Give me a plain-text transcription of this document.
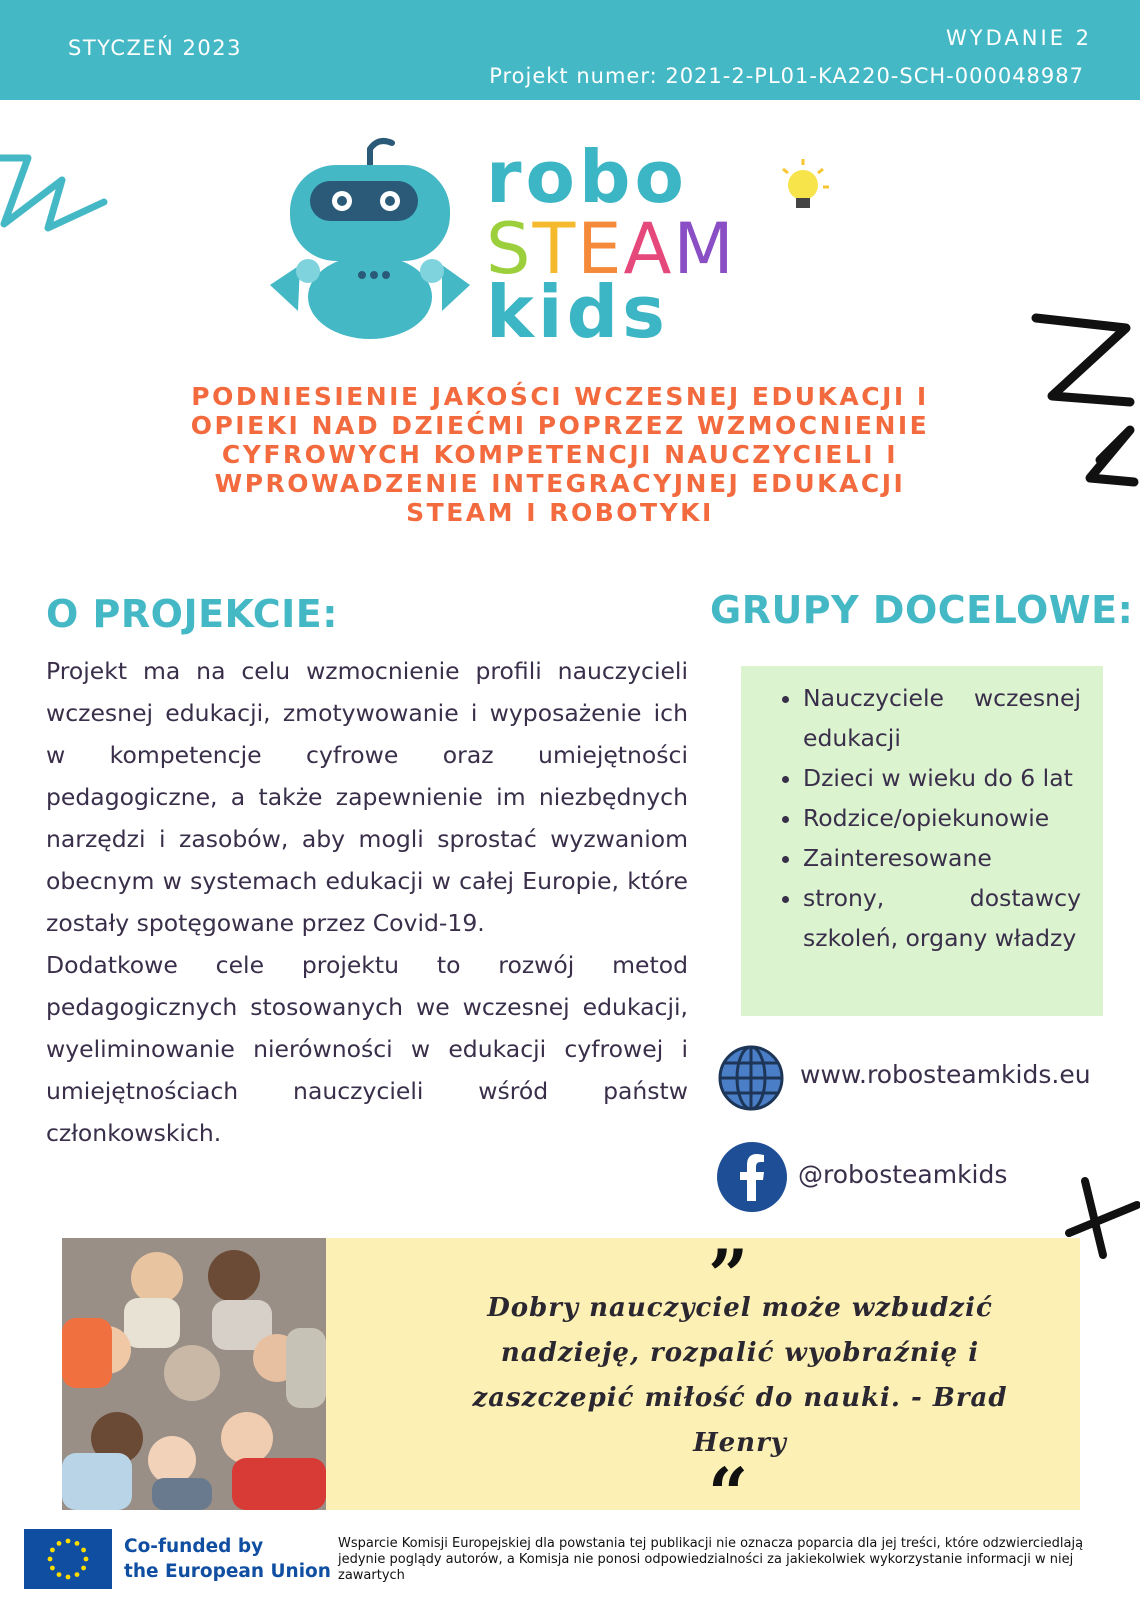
STYCZEŃ 2023	WYDANIE 2
Projekt numer: 2021-2-PL01-KA220-SCH-000048987
robo
STEAM
kids
PODNIESIENIE JAKOŚCI WCZESNEJ EDUKACJI I OPIEKI NAD DZIEĆMI POPRZEZ WZMOCNIENIE CYFROWYCH KOMPETENCJI NAUCZYCIELI I WPROWADZENIE INTEGRACYJNEJ EDUKACJI STEAM I ROBOTYKI
O PROJEKCIE:

Projekt ma na celu wzmocnienie profili nauczycieli wczesnej edukacji, zmotywowanie i wyposażenie ich w kompetencje cyfrowe oraz umiejętności pedagogiczne, a także zapewnienie im niezbędnych narzędzi i zasobów, aby mogli sprostać wyzwaniom obecnym w systemach edukacji w całej Europie, które zostały spotęgowane przez Covid-19.

Dodatkowe cele projektu to rozwój metod pedagogicznych stosowanych we wczesnej edukacji, wyeliminowanie nierówności w edukacji cyfrowej i umiejętnościach nauczycieli wśród państw członkowskich.

GRUPY DOCELOWE:
• Nauczyciele wczesnej edukacji
• Dzieci w wieku do 6 lat
• Rodzice/opiekunowie
• Zainteresowane
• strony, dostawcy szkoleń, organy władzy
www.robosteamkids.eu
@robosteamkids
”
Dobry nauczyciel może wzbudzić nadzieję, rozpalić wyobraźnię i zaszczepić miłość do nauki. - Brad Henry
“
Co-funded by
the European Union
Wsparcie Komisji Europejskiej dla powstania tej publikacji nie oznacza poparcia dla jej treści, które odzwierciedlają jedynie poglądy autorów, a Komisja nie ponosi odpowiedzialności za jakiekolwiek wykorzystanie informacji w niej zawartych
